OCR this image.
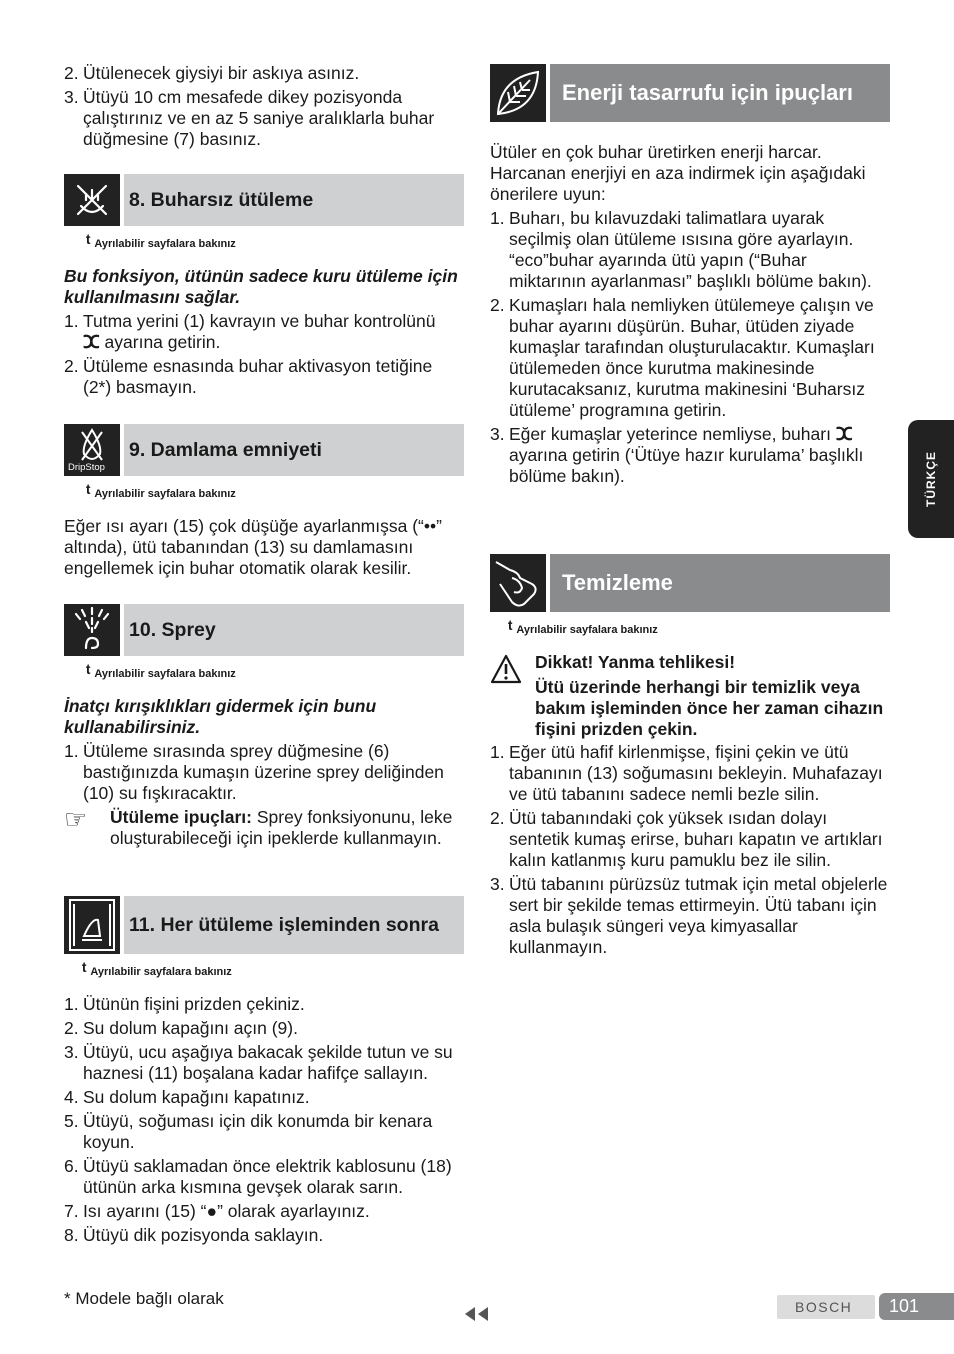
2. Ütülenecek giysiyi bir askıya asınız.
3. Ütüyü 10 cm mesafede dikey pozisyonda çalıştırınız ve en az 5 saniye aralıklarla buhar düğmesine (7) basınız.
8. Buharsız ütüleme
ᵗ Ayrılabilir sayfalara bakınız
Bu fonksiyon, ütünün sadece kuru ütüleme için kullanılmasını sağlar.
1. Tutma yerini (1) kavrayın ve buhar kontrolünü
ⵋ ayarına getirin.
2. Ütüleme esnasında buhar aktivasyon tetiğine (2*) basmayın.
DripStop
9. Damlama emniyeti
ᵗ Ayrılabilir sayfalara bakınız
Eğer ısı ayarı (15) çok düşüğe ayarlanmışsa (“••” altında), ütü tabanından (13) su damlamasını engellemek için buhar otomatik olarak kesilir.
10. Sprey
ᵗ Ayrılabilir sayfalara bakınız
İnatçı kırışıklıkları gidermek için bunu kullanabilirsiniz.
1. Ütüleme sırasında sprey düğmesine (6) bastığınızda kumaşın üzerine sprey deliğinden (10) su fışkıracaktır.
☞ Ütüleme ipuçları: Sprey fonksiyonunu, leke oluşturabileceği için ipeklerde kullanmayın.
11. Her ütüleme işleminden sonra
ᵗ Ayrılabilir sayfalara bakınız
1. Ütünün fişini prizden çekiniz.
2. Su dolum kapağını açın (9).
3. Ütüyü, ucu aşağıya bakacak şekilde tutun ve su haznesi (11) boşalana kadar hafifçe sallayın.
4. Su dolum kapağını kapatınız.
5. Ütüyü, soğuması için dik konumda bir kenara koyun.
6. Ütüyü saklamadan önce elektrik kablosunu (18) ütünün arka kısmına gevşek olarak sarın.
7. Isı ayarını (15) “●” olarak ayarlayınız.
8. Ütüyü dik pozisyonda saklayın.
* Modele bağlı olarak
Enerji tasarrufu için ipuçları
Ütüler en çok buhar üretirken enerji harcar. Harcanan enerjiyi en aza indirmek için aşağıdaki önerilere uyun:
1. Buharı, bu kılavuzdaki talimatlara uyarak seçilmiş olan ütüleme ısısına göre ayarlayın. “eco”buhar ayarında ütü yapın (“Buhar miktarının ayarlanması” başlıklı bölüme bakın).
2. Kumaşları hala nemliyken ütülemeye çalışın ve buhar ayarını düşürün. Buhar, ütüden ziyade kumaşlar tarafından oluşturulacaktır. Kumaşları ütülemeden önce kurutma makinesinde kurutacaksanız, kurutma makinesini ‘Buharsız ütüleme’ programına getirin.
3. Eğer kumaşlar yeterince nemliyse, buharı ⵋ
ayarına getirin (‘Ütüye hazır kurulama’ başlıklı bölüme bakın).
Temizleme
ᵗ Ayrılabilir sayfalara bakınız
Dikkat! Yanma tehlikesi!
Ütü üzerinde herhangi bir temizlik veya bakım işleminden önce her zaman cihazın fişini prizden çekin.
1. Eğer ütü hafif kirlenmişse, fişini çekin ve ütü tabanının (13) soğumasını bekleyin. Muhafazayı ve ütü tabanını sadece nemli bezle silin.
2. Ütü tabanındaki çok yüksek ısıdan dolayı sentetik kumaş erirse, buharı kapatın ve artıkları kalın katlanmış kuru pamuklu bez ile silin.
3. Ütü tabanını pürüzsüz tutmak için metal objelerle sert bir şekilde temas ettirmeyin. Ütü tabanı için asla bulaşık süngeri veya kimyasallar kullanmayın.
TÜRKÇE
BOSCH 101
